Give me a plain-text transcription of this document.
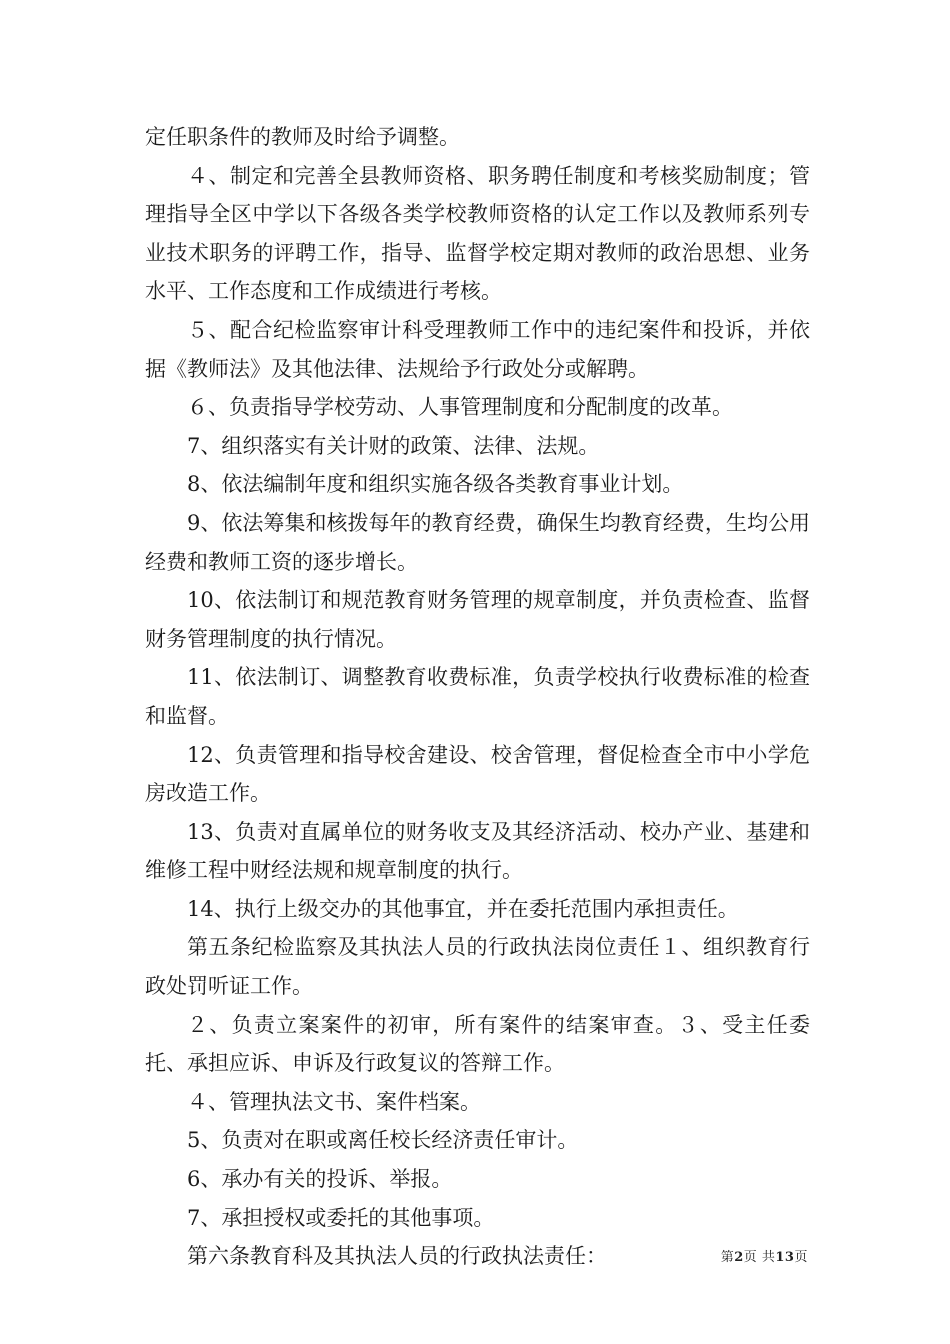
定任职条件的教师及时给予调整。

４、制定和完善全县教师资格、职务聘任制度和考核奖励制度；管理指导全区中学以下各级各类学校教师资格的认定工作以及教师系列专业技术职务的评聘工作，指导、监督学校定期对教师的政治思想、业务水平、工作态度和工作成绩进行考核。

５、配合纪检监察审计科受理教师工作中的违纪案件和投诉，并依据《教师法》及其他法律、法规给予行政处分或解聘。

６、负责指导学校劳动、人事管理制度和分配制度的改革。

7、组织落实有关计财的政策、法律、法规。

8、依法编制年度和组织实施各级各类教育事业计划。

9、依法筹集和核拨每年的教育经费，确保生均教育经费，生均公用经费和教师工资的逐步增长。

10、依法制订和规范教育财务管理的规章制度，并负责检查、监督财务管理制度的执行情况。

11、依法制订、调整教育收费标准，负责学校执行收费标准的检查和监督。

12、负责管理和指导校舍建设、校舍管理，督促检查全市中小学危房改造工作。

13、负责对直属单位的财务收支及其经济活动、校办产业、基建和维修工程中财经法规和规章制度的执行。

14、执行上级交办的其他事宜，并在委托范围内承担责任。

第五条纪检监察及其执法人员的行政执法岗位责任１、组织教育行政处罚听证工作。

２、负责立案案件的初审，所有案件的结案审查。３、受主任委托、承担应诉、申诉及行政复议的答辩工作。

４、管理执法文书、案件档案。

5、负责对在职或离任校长经济责任审计。

6、承办有关的投诉、举报。

7、承担授权或委托的其他事项。

第六条教育科及其执法人员的行政执法责任：	第2页 共13页
